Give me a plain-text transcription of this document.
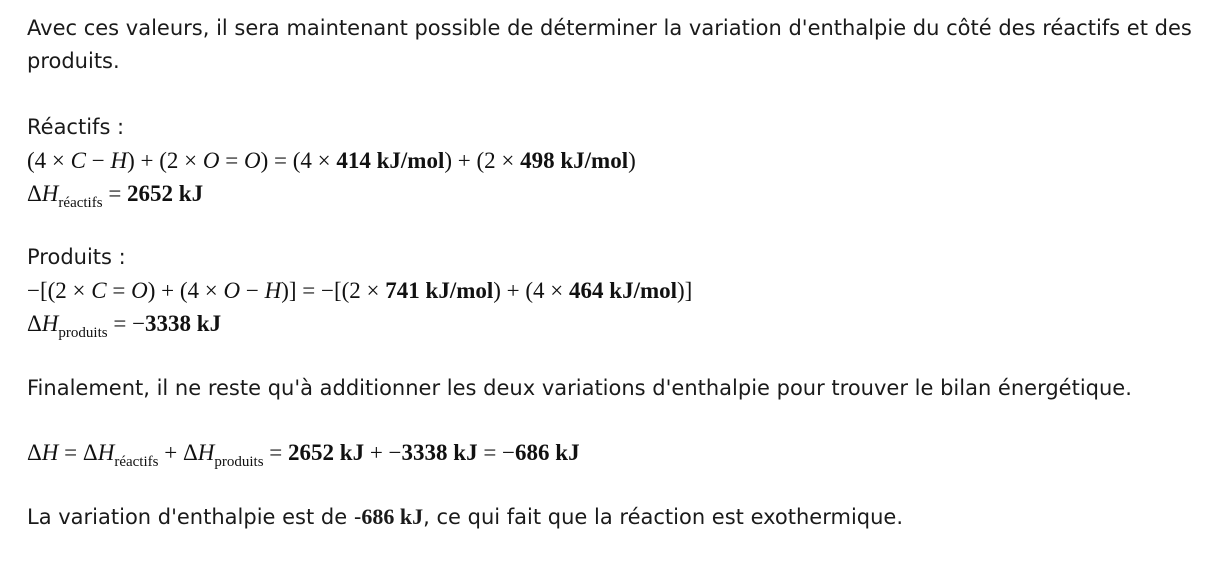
Avec ces valeurs, il sera maintenant possible de déterminer la variation d'enthalpie du côté des réactifs et des
produits.

Réactifs :

(4 × C − H) + (2 × O = O) = (4 × 414 kJ/mol) + (2 × 498 kJ/mol)

$\Delta H_{réactifs} = 2652$ kJ

Produits :

−[(2 × C = O) + (4 × O − H)] = −[(2 × 741 kJ/mol) + (4 × 464 kJ/mol)]

$\Delta H_{produits} = -3338$ kJ

Finalement, il ne reste qu'à additionner les deux variations d'enthalpie pour trouver le bilan énergétique.

$\Delta H = \Delta H_{réactifs} + \Delta H_{produits} = 2652$ kJ + −3338 kJ = −686 kJ

La variation d'enthalpie est de -686 kJ, ce qui fait que la réaction est exothermique.
